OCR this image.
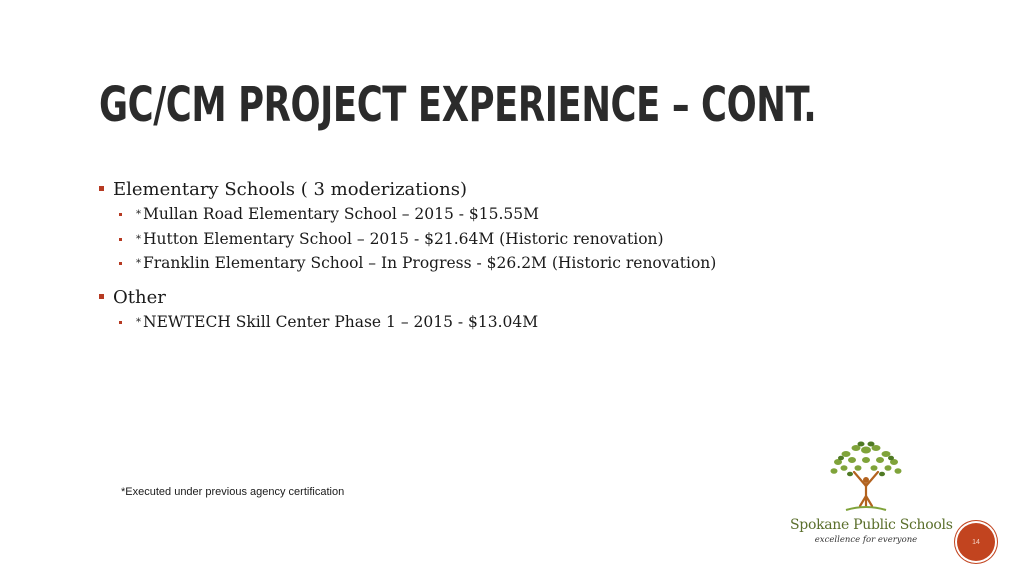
GC/CM PROJECT EXPERIENCE – CONT.
Elementary Schools ( 3 moderizations)
* Mullan Road Elementary School – 2015 - $15.55M
* Hutton Elementary School – 2015 - $21.64M (Historic renovation)
* Franklin Elementary School – In Progress - $26.2M (Historic renovation)
Other
* NEWTECH Skill Center Phase 1 – 2015 - $13.04M
*Executed under previous agency certification
Spokane Public Schools
excellence for everyone	14
